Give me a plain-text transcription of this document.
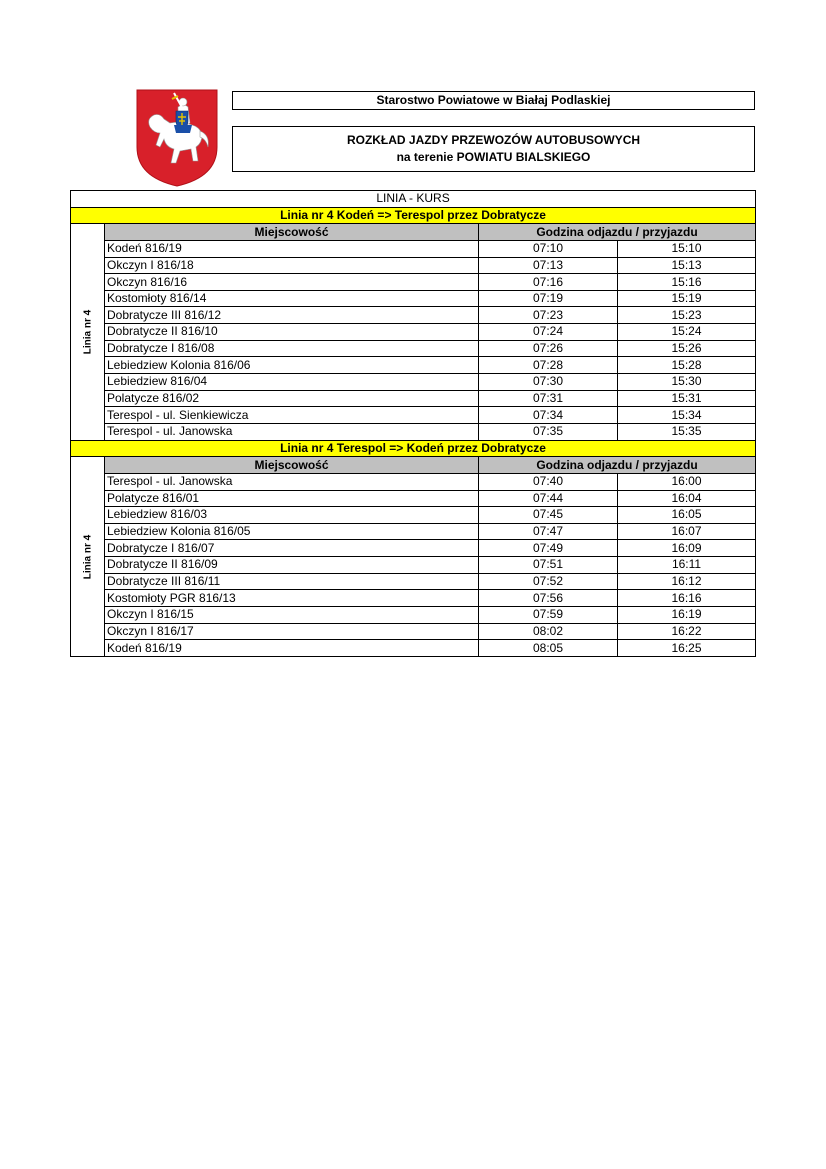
Starostwo Powiatowe w Białaj Podlaskiej
ROZKŁAD JAZDY PRZEWOZÓW AUTOBUSOWYCH
na terenie POWIATU BIALSKIEGO
LINIA - KURS			
Linia nr 4 Kodeń => Terespol przez Dobratycze			

Linia nr 4	Miejscowość	Godzina odjazdu / przyjazdu	
	Kodeń 816/19	07:10	15:10
	Okczyn I 816/18	07:13	15:13
	Okczyn 816/16	07:16	15:16
	Kostomłoty 816/14	07:19	15:19
	Dobratycze III 816/12	07:23	15:23
	Dobratycze II 816/10	07:24	15:24
	Dobratycze I 816/08	07:26	15:26
	Lebiedziew Kolonia 816/06	07:28	15:28
	Lebiedziew 816/04	07:30	15:30
	Polatycze 816/02	07:31	15:31
	Terespol - ul. Sienkiewicza	07:34	15:34
	Terespol - ul. Janowska	07:35	15:35
Linia nr 4 Terespol => Kodeń przez Dobratycze			

Linia nr 4	Miejscowość	Godzina odjazdu / przyjazdu	
	Terespol - ul. Janowska	07:40	16:00
	Polatycze 816/01	07:44	16:04
	Lebiedziew 816/03	07:45	16:05
	Lebiedziew Kolonia 816/05	07:47	16:07
	Dobratycze I 816/07	07:49	16:09
	Dobratycze II 816/09	07:51	16:11
	Dobratycze III 816/11	07:52	16:12
	Kostomłoty PGR 816/13	07:56	16:16
	Okczyn I 816/15	07:59	16:19
	Okczyn I 816/17	08:02	16:22
	Kodeń 816/19	08:05	16:25
